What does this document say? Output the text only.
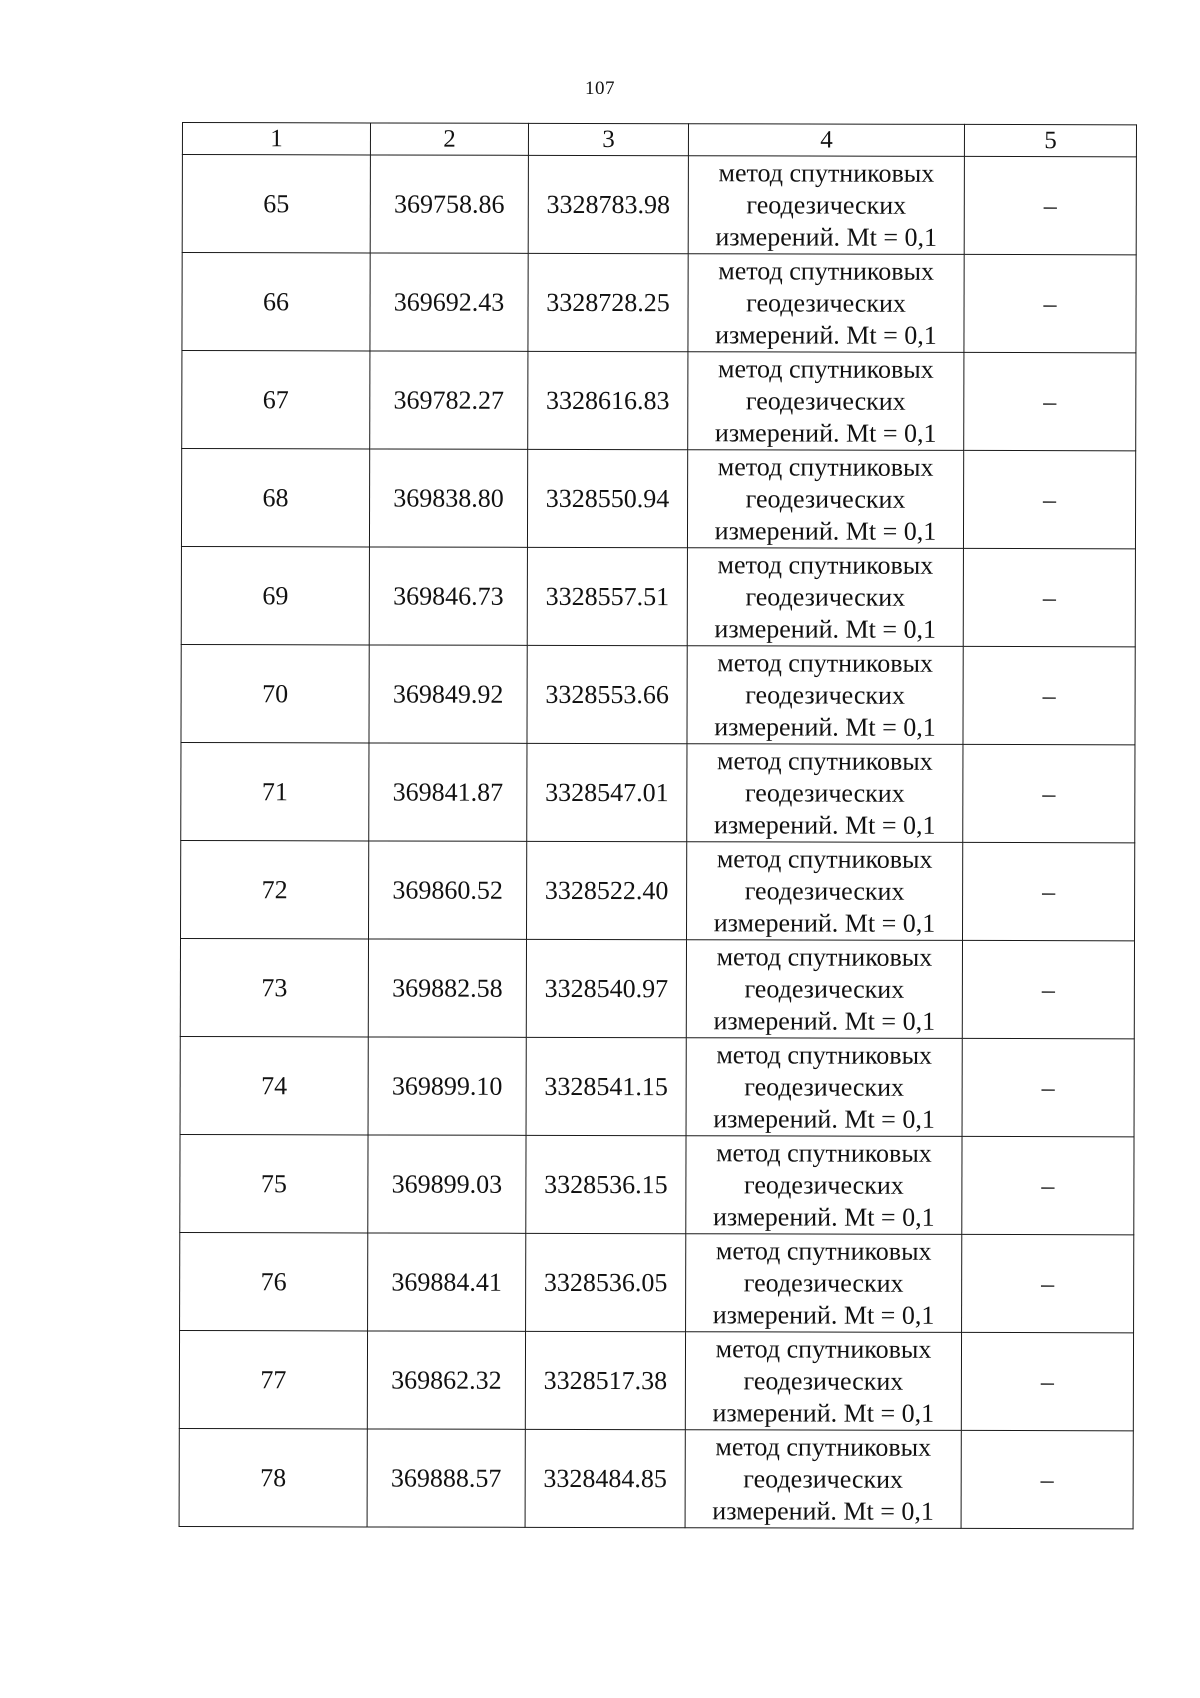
107
1	2	3	4	5
65	369758.86	3328783.98	метод спутниковых
геодезических
измерений. Mt = 0,1	–
66	369692.43	3328728.25	метод спутниковых
геодезических
измерений. Mt = 0,1	–
67	369782.27	3328616.83	метод спутниковых
геодезических
измерений. Mt = 0,1	–
68	369838.80	3328550.94	метод спутниковых
геодезических
измерений. Mt = 0,1	–
69	369846.73	3328557.51	метод спутниковых
геодезических
измерений. Mt = 0,1	–
70	369849.92	3328553.66	метод спутниковых
геодезических
измерений. Mt = 0,1	–
71	369841.87	3328547.01	метод спутниковых
геодезических
измерений. Mt = 0,1	–
72	369860.52	3328522.40	метод спутниковых
геодезических
измерений. Mt = 0,1	–
73	369882.58	3328540.97	метод спутниковых
геодезических
измерений. Mt = 0,1	–
74	369899.10	3328541.15	метод спутниковых
геодезических
измерений. Mt = 0,1	–
75	369899.03	3328536.15	метод спутниковых
геодезических
измерений. Mt = 0,1	–
76	369884.41	3328536.05	метод спутниковых
геодезических
измерений. Mt = 0,1	–
77	369862.32	3328517.38	метод спутниковых
геодезических
измерений. Mt = 0,1	–
78	369888.57	3328484.85	метод спутниковых
геодезических
измерений. Mt = 0,1	–
